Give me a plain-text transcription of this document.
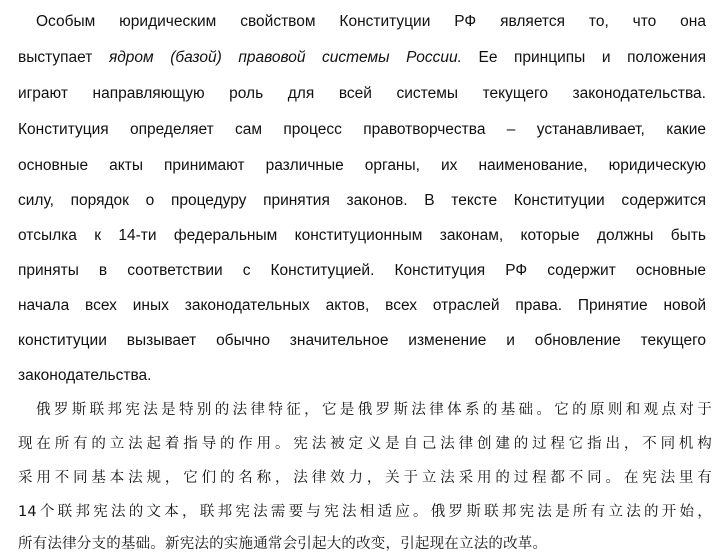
Особым юридическим свойством Конституции РФ является то, что она
выступает ядром (базой) правовой системы России. Ее принципы и положения
играют направляющую роль для всей системы текущего законодательства.
Конституция определяет сам процесс правотворчества – устанавливает, какие
основные акты принимают различные органы, их наименование, юридическую
силу, порядок о процедуру принятия законов. В тексте Конституции содержится
отсылка к 14-ти федеральным конституционным законам, которые должны быть
приняты в соответствии с Конституцией. Конституция РФ содержит основные
начала всех иных законодательных актов, всех отраслей права. Принятие новой
конституции вызывает обычно значительное изменение и обновление текущего
законодательства.
俄罗斯联邦宪法是特别的法律特征，它是俄罗斯法律体系的基础。它的原则和观点对于
现在所有的立法起着指导的作用。宪法被定义是自己法律创建的过程它指出，不同机构
采用不同基本法规，它们的名称，法律效力，关于立法采用的过程都不同。在宪法里有
14个联邦宪法的文本，联邦宪法需要与宪法相适应。俄罗斯联邦宪法是所有立法的开始，
所有法律分支的基础。新宪法的实施通常会引起大的改变，引起现在立法的改革。
